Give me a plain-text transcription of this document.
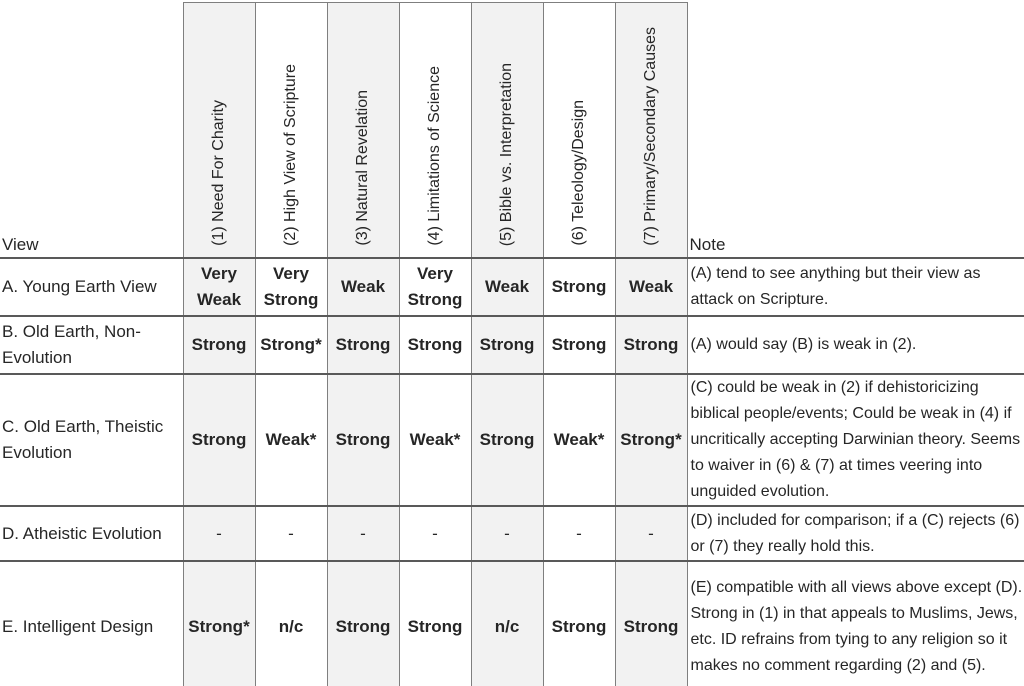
View	(1) Need For Charity	(2) High View of Scripture	(3) Natural Revelation	(4) Limitations of Science	(5) Bible vs. Interpretation	(6) Teleology/Design	(7) Primary/Secondary Causes	Note
A. Young Earth View	Very Weak	Very Strong	Weak	Very Strong	Weak	Strong	Weak	(A) tend to see anything but their view as attack on Scripture.
B. Old Earth, Non-Evolution	Strong	Strong*	Strong	Strong	Strong	Strong	Strong	(A) would say (B) is weak in (2).
C. Old Earth, Theistic Evolution	Strong	Weak*	Strong	Weak*	Strong	Weak*	Strong*	(C) could be weak in (2) if dehistoricizing biblical people/events; Could be weak in (4) if uncritically accepting Darwinian theory. Seems to waiver in (6) & (7) at times veering into unguided evolution.
D. Atheistic Evolution	-	-	-	-	-	-	-	(D) included for comparison; if a (C) rejects (6) or (7) they really hold this.
E. Intelligent Design	Strong*	n/c	Strong	Strong	n/c	Strong	Strong	(E) compatible with all views above except (D). Strong in (1) in that appeals to Muslims, Jews, etc. ID refrains from tying to any religion so it makes no comment regarding (2) and (5).
